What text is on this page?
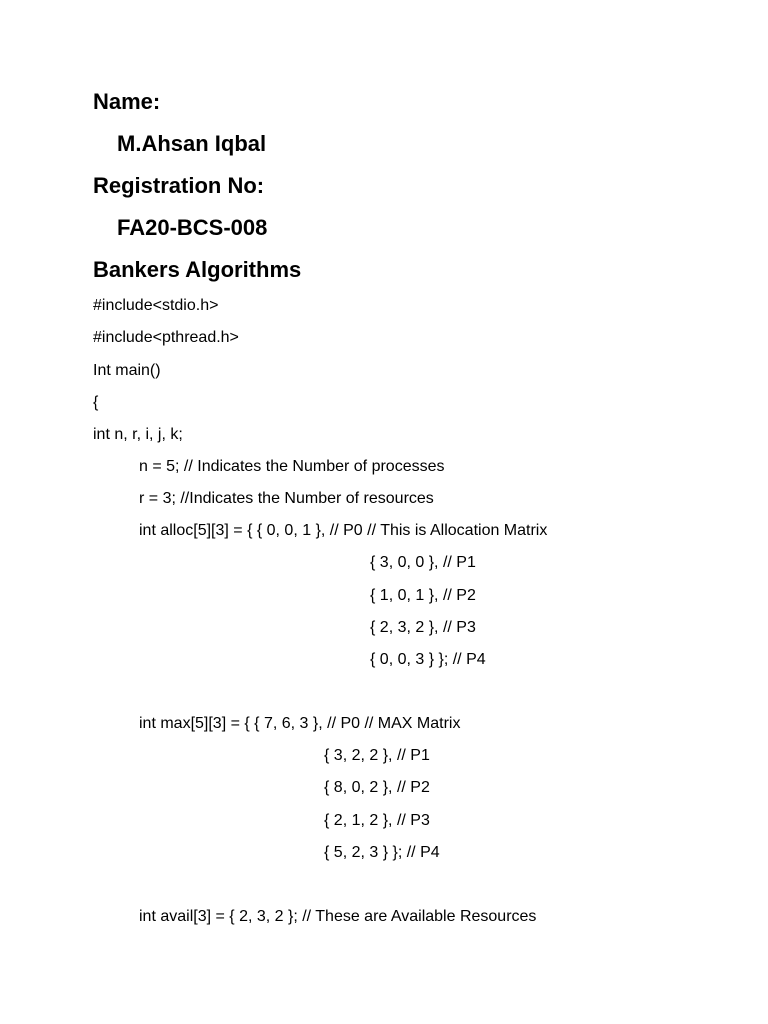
Name:
M.Ahsan Iqbal
Registration No:
FA20-BCS-008
Bankers Algorithms
#include<stdio.h>
#include<pthread.h>
Int main()
{
int n, r, i, j, k;
n = 5; // Indicates the Number of processes
r = 3; //Indicates the Number of resources
int alloc[5][3] = { { 0, 0, 1 }, // P0 // This is Allocation Matrix
{ 3, 0, 0 }, // P1
{ 1, 0, 1 }, // P2
{ 2, 3, 2 }, // P3
{ 0, 0, 3 } }; // P4
int max[5][3] = { { 7, 6, 3 }, // P0 // MAX Matrix
{ 3, 2, 2 }, // P1
{ 8, 0, 2 }, // P2
{ 2, 1, 2 }, // P3
{ 5, 2, 3 } }; // P4
int avail[3] = { 2, 3, 2 }; // These are Available Resources
